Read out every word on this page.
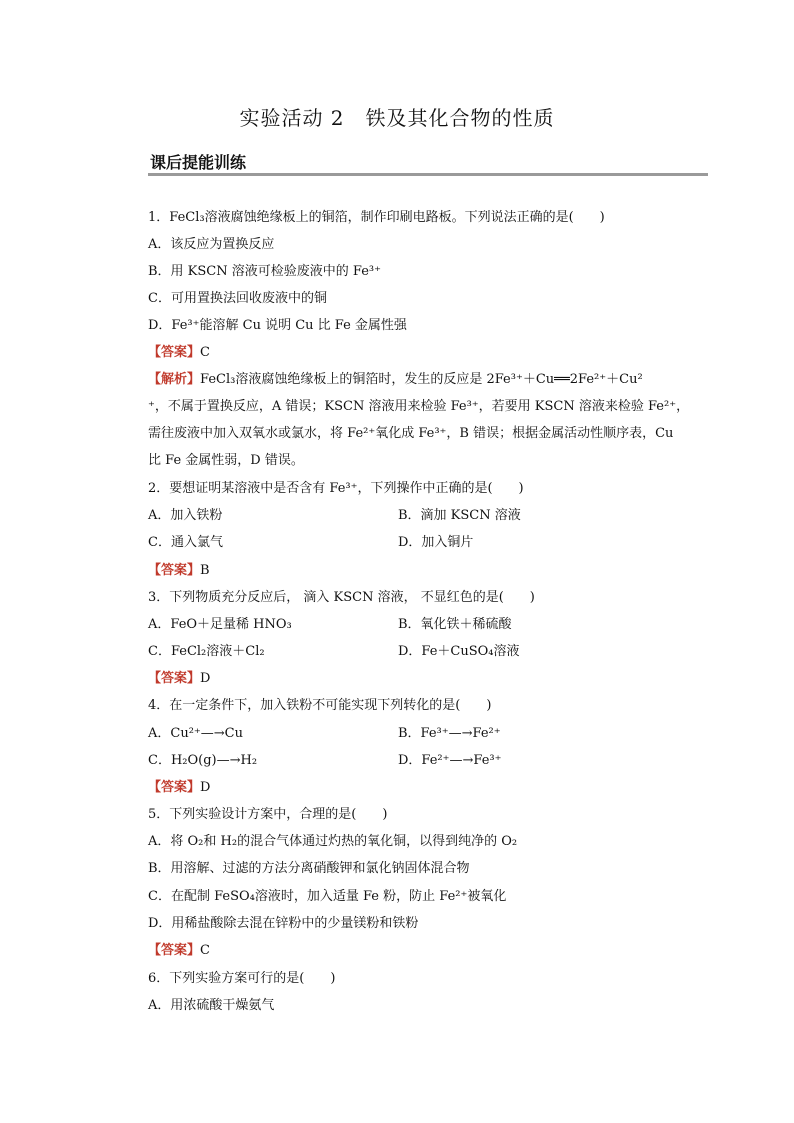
实验活动 2　铁及其化合物的性质
课后提能训练
1．FeCl₃溶液腐蚀绝缘板上的铜箔，制作印刷电路板。下列说法正确的是(　　)
A．该反应为置换反应
B．用 KSCN 溶液可检验废液中的 Fe³⁺
C．可用置换法回收废液中的铜
D．Fe³⁺能溶解 Cu 说明 Cu 比 Fe 金属性强
【答案】C
【解析】FeCl₃溶液腐蚀绝缘板上的铜箔时，发生的反应是 2Fe³⁺＋Cu══2Fe²⁺＋Cu²
⁺，不属于置换反应，A 错误；KSCN 溶液用来检验 Fe³⁺，若要用 KSCN 溶液来检验 Fe²⁺，
需往废液中加入双氧水或氯水，将 Fe²⁺氧化成 Fe³⁺，B 错误；根据金属活动性顺序表，Cu
比 Fe 金属性弱，D 错误。
2．要想证明某溶液中是否含有 Fe³⁺，下列操作中正确的是(　　)
A．加入铁粉	B．滴加 KSCN 溶液
C．通入氯气	D．加入铜片
【答案】B
3．下列物质充分反应后， 滴入 KSCN 溶液， 不显红色的是(　　)
A．FeO＋足量稀 HNO₃	B．氧化铁＋稀硫酸
C．FeCl₂溶液＋Cl₂	D．Fe＋CuSO₄溶液
【答案】D
4．在一定条件下，加入铁粉不可能实现下列转化的是(　　)
A．Cu²⁺—→Cu	B．Fe³⁺—→Fe²⁺
C．H₂O(g)—→H₂	D．Fe²⁺—→Fe³⁺
【答案】D
5．下列实验设计方案中，合理的是(　　)
A．将 O₂和 H₂的混合气体通过灼热的氧化铜，以得到纯净的 O₂
B．用溶解、过滤的方法分离硝酸钾和氯化钠固体混合物
C．在配制 FeSO₄溶液时，加入适量 Fe 粉，防止 Fe²⁺被氧化
D．用稀盐酸除去混在锌粉中的少量镁粉和铁粉
【答案】C
6．下列实验方案可行的是(　　)
A．用浓硫酸干燥氨气
